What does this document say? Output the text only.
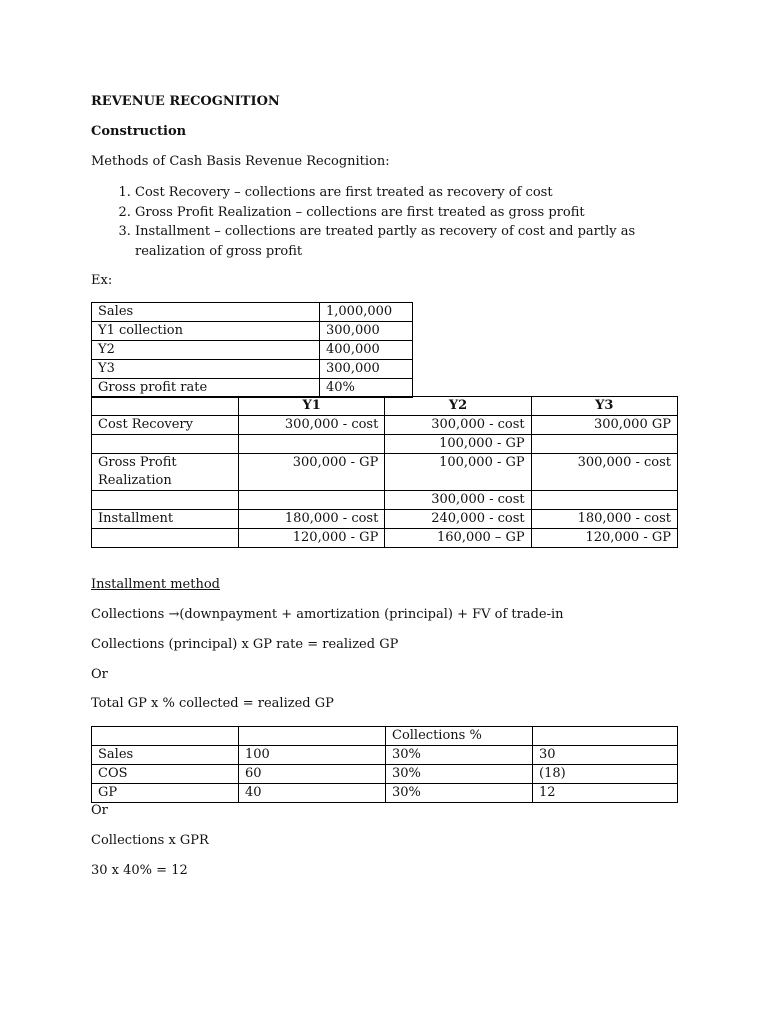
REVENUE RECOGNITION
Construction
Methods of Cash Basis Revenue Recognition:
1. Cost Recovery – collections are first treated as recovery of cost
2. Gross Profit Realization – collections are first treated as gross profit
3. Installment – collections are treated partly as recovery of cost and partly as realization of gross profit
Ex:
Sales	1,000,000
Y1 collection	300,000
Y2	400,000
Y3	300,000
Gross profit rate	40%
	Y1	Y2	Y3
Cost Recovery	300,000 - cost	300,000 - cost	300,000 GP
		100,000 - GP	
Gross Profit Realization	300,000 - GP	100,000 - GP	300,000 - cost
		300,000 - cost	
Installment	180,000 - cost	240,000 - cost	180,000 - cost
	120,000 - GP	160,000 – GP	120,000 - GP
Installment method
Collections →(downpayment + amortization (principal) + FV of trade-in
Collections (principal) x GP rate = realized GP
Or
Total GP x % collected = realized GP
		Collections %	
Sales	100	30%	30
COS	60	30%	(18)
GP	40	30%	12
Or
Collections x GPR
30 x 40% = 12
